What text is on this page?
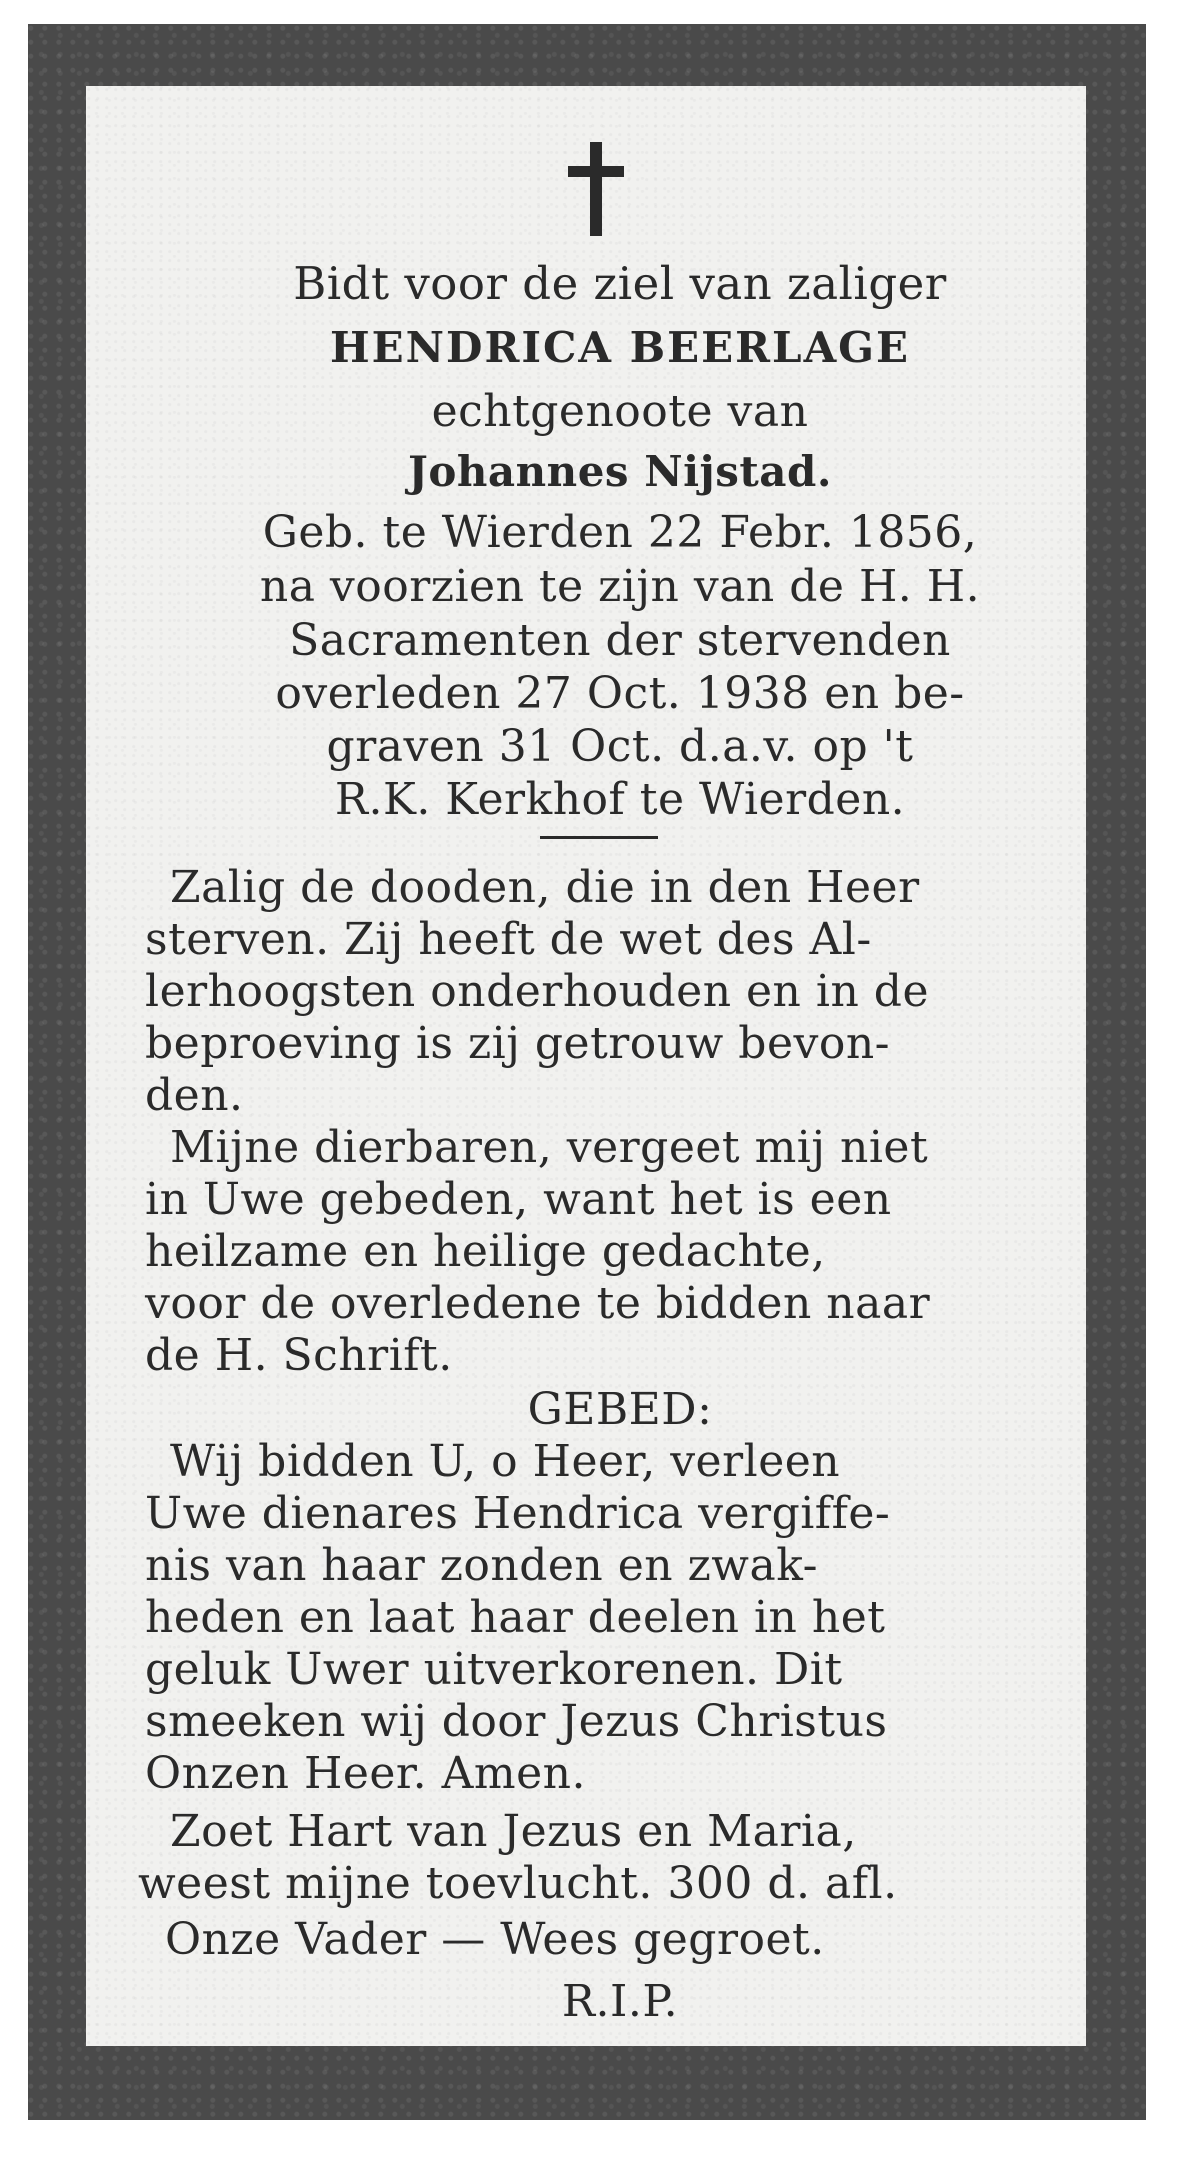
Bidt voor de ziel van zaliger
HENDRICA BEERLAGE
echtgenoote van
Johannes Nijstad.
Geb. te Wierden 22 Febr. 1856,
na voorzien te zijn van de H. H.
Sacramenten der stervenden
overleden 27 Oct. 1938 en be-
graven 31 Oct. d.a.v. op 't
R.K. Kerkhof te Wierden.
Zalig de dooden, die in den Heer
sterven. Zij heeft de wet des Al-
lerhoogsten onderhouden en in de
beproeving is zij getrouw bevon-
den.
Mijne dierbaren, vergeet mij niet
in Uwe gebeden, want het is een
heilzame en heilige gedachte,
voor de overledene te bidden naar
de H. Schrift.
GEBED:
Wij bidden U, o Heer, verleen
Uwe dienares Hendrica vergiffe-
nis van haar zonden en zwak-
heden en laat haar deelen in het
geluk Uwer uitverkorenen. Dit
smeeken wij door Jezus Christus
Onzen Heer. Amen.
Zoet Hart van Jezus en Maria,
weest mijne toevlucht. 300 d. afl.
Onze Vader — Wees gegroet.
R.I.P.
